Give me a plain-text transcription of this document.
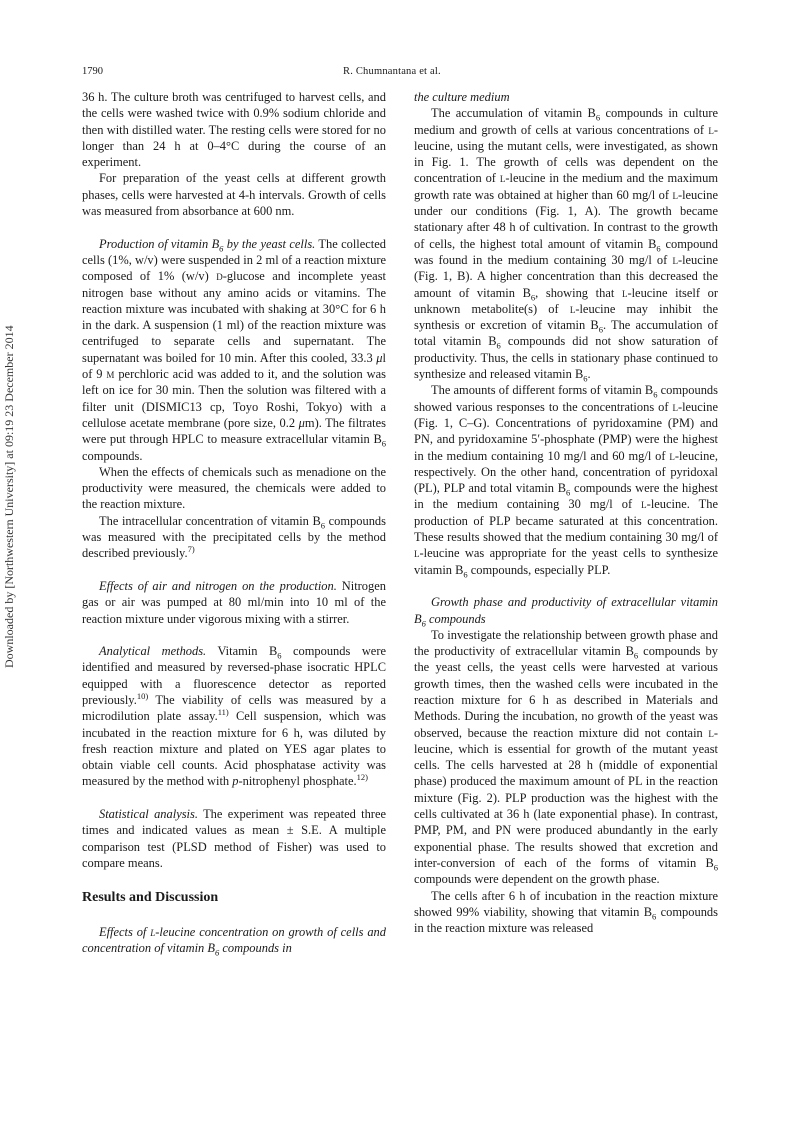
1790	R. Chumnantana et al.
Downloaded by [Northwestern University] at 09:19 23 December 2014

36 h. The culture broth was centrifuged to harvest cells, and the cells were washed twice with 0.9% sodium chloride and then with distilled water. The resting cells were stored for no longer than 24 h at 0–4°C during the course of an experiment.

For preparation of the yeast cells at different growth phases, cells were harvested at 4-h intervals. Growth of cells was measured from absorbance at 600 nm.

Production of vitamin $B_6$ by the yeast cells. The collected cells (1%, w/v) were suspended in 2 ml of a reaction mixture composed of 1% (w/v) d-glucose and incomplete yeast nitrogen base without any amino acids or vitamins. The reaction mixture was incubated with shaking at 30°C for 6 h in the dark. A suspension (1 ml) of the reaction mixture was centrifuged to separate cells and supernatant. The supernatant was boiled for 10 min. After this cooled, 33.3 μl of 9 m perchloric acid was added to it, and the solution was left on ice for 30 min. Then the solution was filtered with a filter unit (DISMIC13 cp, Toyo Roshi, Tokyo) with a cellulose acetate membrane (pore size, 0.2 μm). The filtrates were put through HPLC to measure extracellular vitamin $B_6$ compounds.

When the effects of chemicals such as menadione on the productivity were measured, the chemicals were added to the reaction mixture.

The intracellular concentration of vitamin $B_6$ compounds was measured with the precipitated cells by the method described previously.$^{7)}$

Effects of air and nitrogen on the production. Nitrogen gas or air was pumped at 80 ml/min into 10 ml of the reaction mixture under vigorous mixing with a stirrer.

Analytical methods. Vitamin $B_6$ compounds were identified and measured by reversed-phase isocratic HPLC equipped with a fluorescence detector as reported previously.$^{10)}$ The viability of cells was measured by a microdilution plate assay.$^{11)}$ Cell suspension, which was incubated in the reaction mixture for 6 h, was diluted by fresh reaction mixture and plated on YES agar plates to obtain viable cell counts. Acid phosphatase activity was measured by the method with p-nitrophenyl phosphate.$^{12)}$

Statistical analysis. The experiment was repeated three times and indicated values as mean ± S.E. A multiple comparison test (PLSD method of Fisher) was used to compare means.

Results and Discussion

Effects of l-leucine concentration on growth of cells and concentration of vitamin $B_6$ compounds in

the culture medium

The accumulation of vitamin $B_6$ compounds in culture medium and growth of cells at various concentrations of l-leucine, using the mutant cells, were investigated, as shown in Fig. 1. The growth of cells was dependent on the concentration of l-leucine in the medium and the maximum growth rate was obtained at higher than 60 mg/l of l-leucine under our conditions (Fig. 1, A). The growth became stationary after 48 h of cultivation. In contrast to the growth of cells, the highest total amount of vitamin $B_6$ compound was found in the medium containing 30 mg/l of l-leucine (Fig. 1, B). A higher concentration than this decreased the amount of vitamin $B_6$, showing that l-leucine itself or unknown metabolite(s) of l-leucine may inhibit the synthesis or excretion of vitamin $B_6$. The accumulation of total vitamin $B_6$ compounds did not show saturation of productivity. Thus, the cells in stationary phase continued to synthesize and released vitamin $B_6$.

The amounts of different forms of vitamin $B_6$ compounds showed various responses to the concentrations of l-leucine (Fig. 1, C–G). Concentrations of pyridoxamine (PM) and PN, and pyridoxamine 5′-phosphate (PMP) were the highest in the medium containing 10 mg/l and 60 mg/l of l-leucine, respectively. On the other hand, concentration of pyridoxal (PL), PLP and total vitamin $B_6$ compounds were the highest in the medium containing 30 mg/l of l-leucine. The production of PLP became saturated at this concentration. These results showed that the medium containing 30 mg/l of l-leucine was appropriate for the yeast cells to synthesize vitamin $B_6$ compounds, especially PLP.

Growth phase and productivity of extracellular vitamin $B_6$ compounds

To investigate the relationship between growth phase and the productivity of extracellular vitamin $B_6$ compounds by the yeast cells, the yeast cells were harvested at various growth times, then the washed cells were incubated in the reaction mixture for 6 h as described in Materials and Methods. During the incubation, no growth of the yeast was observed, because the reaction mixture did not contain l-leucine, which is essential for growth of the mutant yeast cells. The cells harvested at 28 h (middle of exponential phase) produced the maximum amount of PL in the reaction mixture (Fig. 2). PLP production was the highest with the cells cultivated at 36 h (late exponential phase). In contrast, PMP, PM, and PN were produced abundantly in the early exponential phase. The results showed that excretion and inter-conversion of each of the forms of vitamin $B_6$ compounds were dependent on the growth phase.

The cells after 6 h of incubation in the reaction mixture showed 99% viability, showing that vitamin $B_6$ compounds in the reaction mixture was released
